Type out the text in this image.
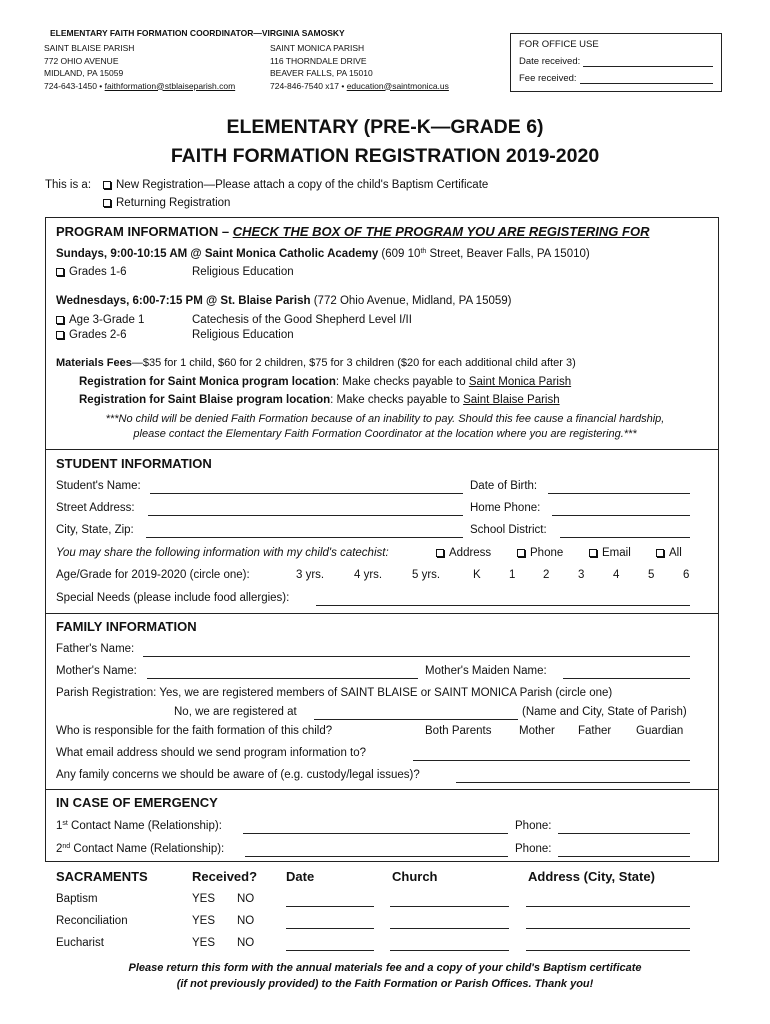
ELEMENTARY FAITH FORMATION COORDINATOR—VIRGINIA SAMOSKY
SAINT BLAISE PARISH
772 OHIO AVENUE
MIDLAND, PA 15059
724-643-1450 • faithformation@stblaiseparish.com
SAINT MONICA PARISH
116 THORNDALE DRIVE
BEAVER FALLS, PA 15010
724-846-7540 x17 • education@saintmonica.us
FOR OFFICE USE
Date received:
Fee received:
ELEMENTARY (PRE-K—GRADE 6)
FAITH FORMATION REGISTRATION 2019-2020
This is a:	New Registration—Please attach a copy of the child's Baptism Certificate
Returning Registration
PROGRAM INFORMATION – CHECK THE BOX OF THE PROGRAM YOU ARE REGISTERING FOR
Sundays, 9:00-10:15 AM @ Saint Monica Catholic Academy (609 10th Street, Beaver Falls, PA 15010)
Grades 1-6	Religious Education
Wednesdays, 6:00-7:15 PM @ St. Blaise Parish (772 Ohio Avenue, Midland, PA 15059)
Age 3-Grade 1	Catechesis of the Good Shepherd Level I/II
Grades 2-6	Religious Education
Materials Fees—$35 for 1 child, $60 for 2 children, $75 for 3 children ($20 for each additional child after 3)
Registration for Saint Monica program location: Make checks payable to Saint Monica Parish
Registration for Saint Blaise program location: Make checks payable to Saint Blaise Parish
***No child will be denied Faith Formation because of an inability to pay. Should this fee cause a financial hardship,
please contact the Elementary Faith Formation Coordinator at the location where you are registering.***
STUDENT INFORMATION
Student's Name:	Date of Birth:
Street Address:	Home Phone:
City, State, Zip:	School District:
You may share the following information with my child's catechist:	Address	Phone	Email	All
Age/Grade for 2019-2020 (circle one):	3 yrs.	4 yrs.	5 yrs.	K 1 2 3 4 5 6
Special Needs (please include food allergies):
FAMILY INFORMATION
Father's Name:
Mother's Name:	Mother's Maiden Name:
Parish Registration: Yes, we are registered members of SAINT BLAISE or SAINT MONICA Parish (circle one)
No, we are registered at	(Name and City, State of Parish)
Who is responsible for the faith formation of this child?	Both Parents Mother Father Guardian
What email address should we send program information to?
Any family concerns we should be aware of (e.g. custody/legal issues)?
IN CASE OF EMERGENCY
1st Contact Name (Relationship):	Phone:
2nd Contact Name (Relationship):	Phone:
SACRAMENTS	Received? Date	Church	Address (City, State)
Baptism	YES NO
Reconciliation	YES NO
Eucharist	YES NO
Please return this form with the annual materials fee and a copy of your child's Baptism certificate
(if not previously provided) to the Faith Formation or Parish Offices. Thank you!
